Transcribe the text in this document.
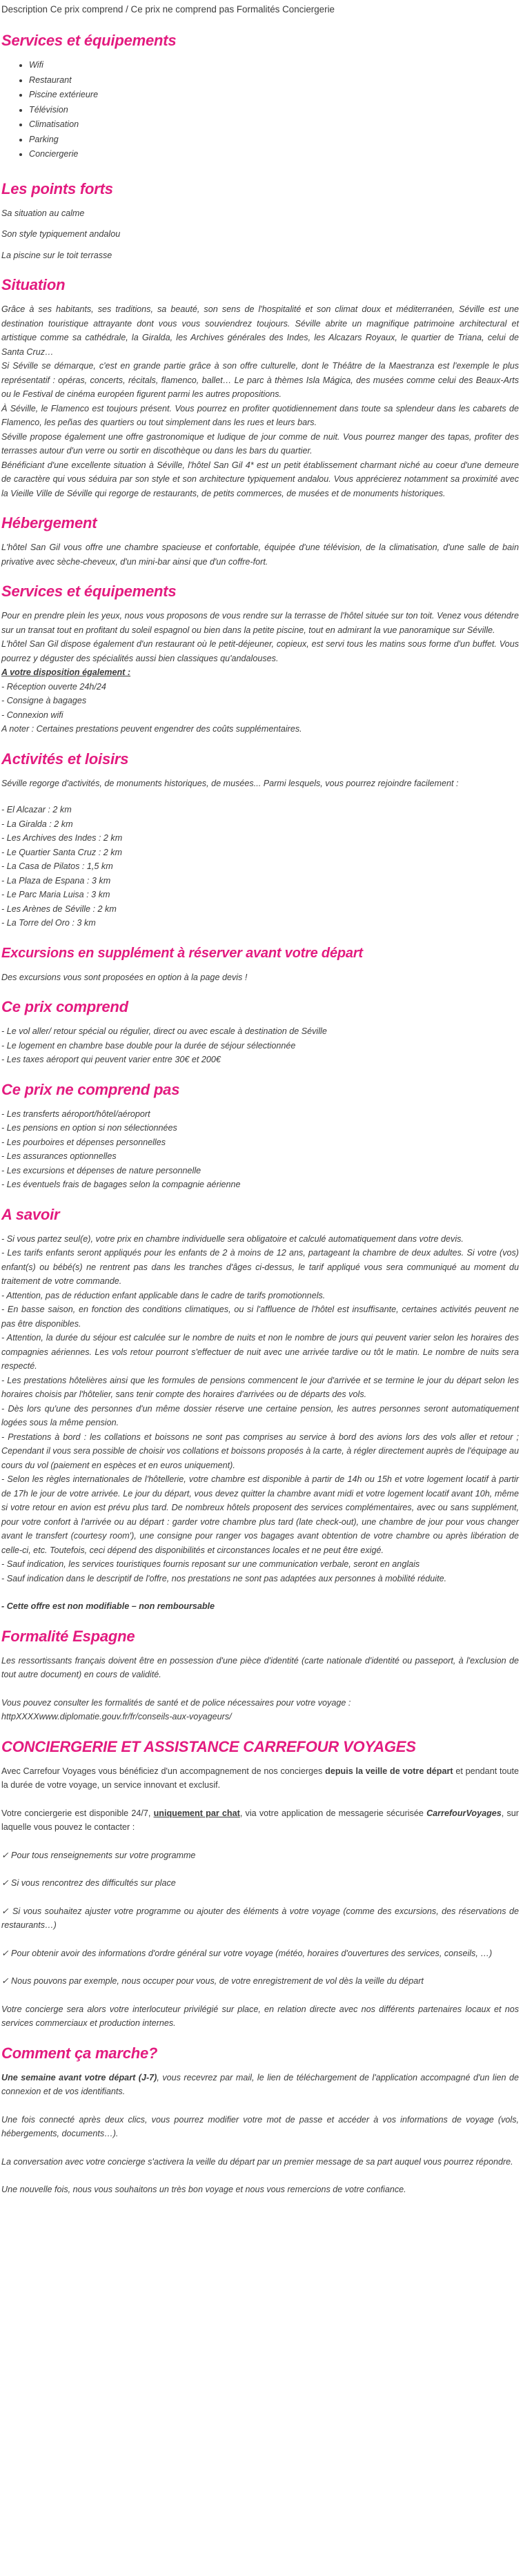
Description Ce prix comprend / Ce prix ne comprend pas Formalités Conciergerie

Services et équipements
• Wifi
• Restaurant
• Piscine extérieure
• Télévision
• Climatisation
• Parking
• Conciergerie
Les points forts

Sa situation au calme

Son style typiquement andalou

La piscine sur le toit terrasse

Situation

Grâce à ses habitants, ses traditions, sa beauté, son sens de l'hospitalité et son climat doux et méditerranéen, Séville est une destination touristique attrayante dont vous vous souviendrez toujours. Séville abrite un magnifique patrimoine architectural et artistique comme sa cathédrale, la Giralda, les Archives générales des Indes, les Alcazars Royaux, le quartier de Triana, celui de Santa Cruz…

Si Séville se démarque, c'est en grande partie grâce à son offre culturelle, dont le Théâtre de la Maestranza est l'exemple le plus représentatif : opéras, concerts, récitals, flamenco, ballet… Le parc à thèmes Isla Mágica, des musées comme celui des Beaux-Arts ou le Festival de cinéma européen figurent parmi les autres propositions.

À Séville, le Flamenco est toujours présent. Vous pourrez en profiter quotidiennement dans toute sa splendeur dans les cabarets de Flamenco, les peñas des quartiers ou tout simplement dans les rues et leurs bars.

Séville propose également une offre gastronomique et ludique de jour comme de nuit. Vous pourrez manger des tapas, profiter des terrasses autour d'un verre ou sortir en discothèque ou dans les bars du quartier.

Bénéficiant d'une excellente situation à Séville, l'hôtel San Gil 4* est un petit établissement charmant niché au coeur d'une demeure de caractère qui vous séduira par son style et son architecture typiquement andalou. Vous apprécierez notamment sa proximité avec la Vieille Ville de Séville qui regorge de restaurants, de petits commerces, de musées et de monuments historiques.

Hébergement

L'hôtel San Gil vous offre une chambre spacieuse et confortable, équipée d'une télévision, de la climatisation, d'une salle de bain privative avec sèche-cheveux, d'un mini-bar ainsi que d'un coffre-fort.

Services et équipements

Pour en prendre plein les yeux, nous vous proposons de vous rendre sur la terrasse de l'hôtel située sur ton toit. Venez vous détendre sur un transat tout en profitant du soleil espagnol ou bien dans la petite piscine, tout en admirant la vue panoramique sur Séville.

L'hôtel San Gil dispose également d'un restaurant où le petit-déjeuner, copieux, est servi tous les matins sous forme d'un buffet. Vous pourrez y déguster des spécialités aussi bien classiques qu'andalouses.

A votre disposition également :

- Réception ouverte 24h/24

- Consigne à bagages

- Connexion wifi

A noter : Certaines prestations peuvent engendrer des coûts supplémentaires.

Activités et loisirs

Séville regorge d'activités, de monuments historiques, de musées... Parmi lesquels, vous pourrez rejoindre facilement :

- El Alcazar : 2 km

- La Giralda : 2 km

- Les Archives des Indes : 2 km

- Le Quartier Santa Cruz : 2 km

- La Casa de Pilatos : 1,5 km

- La Plaza de Espana : 3 km

- Le Parc Maria Luisa : 3 km

- Les Arènes de Séville : 2 km

- La Torre del Oro : 3 km

Excursions en supplément à réserver avant votre départ

Des excursions vous sont proposées en option à la page devis !

Ce prix comprend

- Le vol aller/ retour spécial ou régulier, direct ou avec escale à destination de Séville

- Le logement en chambre base double pour la durée de séjour sélectionnée

- Les taxes aéroport qui peuvent varier entre 30€ et 200€

Ce prix ne comprend pas

- Les transferts aéroport/hôtel/aéroport

- Les pensions en option si non sélectionnées

- Les pourboires et dépenses personnelles

- Les assurances optionnelles

- Les excursions et dépenses de nature personnelle

- Les éventuels frais de bagages selon la compagnie aérienne

A savoir

- Si vous partez seul(e), votre prix en chambre individuelle sera obligatoire et calculé automatiquement dans votre devis.

- Les tarifs enfants seront appliqués pour les enfants de 2 à moins de 12 ans, partageant la chambre de deux adultes. Si votre (vos) enfant(s) ou bébé(s) ne rentrent pas dans les tranches d'âges ci-dessus, le tarif appliqué vous sera communiqué au moment du traitement de votre commande.

- Attention, pas de réduction enfant applicable dans le cadre de tarifs promotionnels.

- En basse saison, en fonction des conditions climatiques, ou si l'affluence de l'hôtel est insuffisante, certaines activités peuvent ne pas être disponibles.

- Attention, la durée du séjour est calculée sur le nombre de nuits et non le nombre de jours qui peuvent varier selon les horaires des compagnies aériennes. Les vols retour pourront s'effectuer de nuit avec une arrivée tardive ou tôt le matin. Le nombre de nuits sera respecté.

- Les prestations hôtelières ainsi que les formules de pensions commencent le jour d'arrivée et se termine le jour du départ selon les horaires choisis par l'hôtelier, sans tenir compte des horaires d'arrivées ou de départs des vols.

- Dès lors qu'une des personnes d'un même dossier réserve une certaine pension, les autres personnes seront automatiquement logées sous la même pension.

- Prestations à bord : les collations et boissons ne sont pas comprises au service à bord des avions lors des vols aller et retour ; Cependant il vous sera possible de choisir vos collations et boissons proposés à la carte, à régler directement auprès de l'équipage au cours du vol (paiement en espèces et en euros uniquement).

- Selon les règles internationales de l'hôtellerie, votre chambre est disponible à partir de 14h ou 15h et votre logement locatif à partir de 17h le jour de votre arrivée. Le jour du départ, vous devez quitter la chambre avant midi et votre logement locatif avant 10h, même si votre retour en avion est prévu plus tard. De nombreux hôtels proposent des services complémentaires, avec ou sans supplément, pour votre confort à l'arrivée ou au départ : garder votre chambre plus tard (late check-out), une chambre de jour pour vous changer avant le transfert (courtesy room'), une consigne pour ranger vos bagages avant obtention de votre chambre ou après libération de celle-ci, etc. Toutefois, ceci dépend des disponibilités et circonstances locales et ne peut être exigé.

- Sauf indication, les services touristiques fournis reposant sur une communication verbale, seront en anglais

- Sauf indication dans le descriptif de l'offre, nos prestations ne sont pas adaptées aux personnes à mobilité réduite.

- Cette offre est non modifiable – non remboursable

Formalité Espagne

Les ressortissants français doivent être en possession d'une pièce d'identité (carte nationale d'identité ou passeport, à l'exclusion de tout autre document) en cours de validité.

Vous pouvez consulter les formalités de santé et de police nécessaires pour votre voyage :

httpXXXXwww.diplomatie.gouv.fr/fr/conseils-aux-voyageurs/

CONCIERGERIE ET ASSISTANCE CARREFOUR VOYAGES

Avec Carrefour Voyages vous bénéficiez d'un accompagnement de nos concierges depuis la veille de votre départ et pendant toute la durée de votre voyage, un service innovant et exclusif.

Votre conciergerie est disponible 24/7, uniquement par chat, via votre application de messagerie sécurisée CarrefourVoyages, sur laquelle vous pouvez le contacter :

✓ Pour tous renseignements sur votre programme

✓ Si vous rencontrez des difficultés sur place

✓ Si vous souhaitez ajuster votre programme ou ajouter des éléments à votre voyage (comme des excursions, des réservations de restaurants…)

✓ Pour obtenir avoir des informations d'ordre général sur votre voyage (météo, horaires d'ouvertures des services, conseils, …)

✓ Nous pouvons par exemple, nous occuper pour vous, de votre enregistrement de vol dès la veille du départ

Votre concierge sera alors votre interlocuteur privilégié sur place, en relation directe avec nos différents partenaires locaux et nos services commerciaux et production internes.

Comment ça marche?

Une semaine avant votre départ (J-7), vous recevrez par mail, le lien de téléchargement de l'application accompagné d'un lien de connexion et de vos identifiants.

Une fois connecté après deux clics, vous pourrez modifier votre mot de passe et accéder à vos informations de voyage (vols, hébergements, documents…).

La conversation avec votre concierge s'activera la veille du départ par un premier message de sa part auquel vous pourrez répondre.

Une nouvelle fois, nous vous souhaitons un très bon voyage et nous vous remercions de votre confiance.
